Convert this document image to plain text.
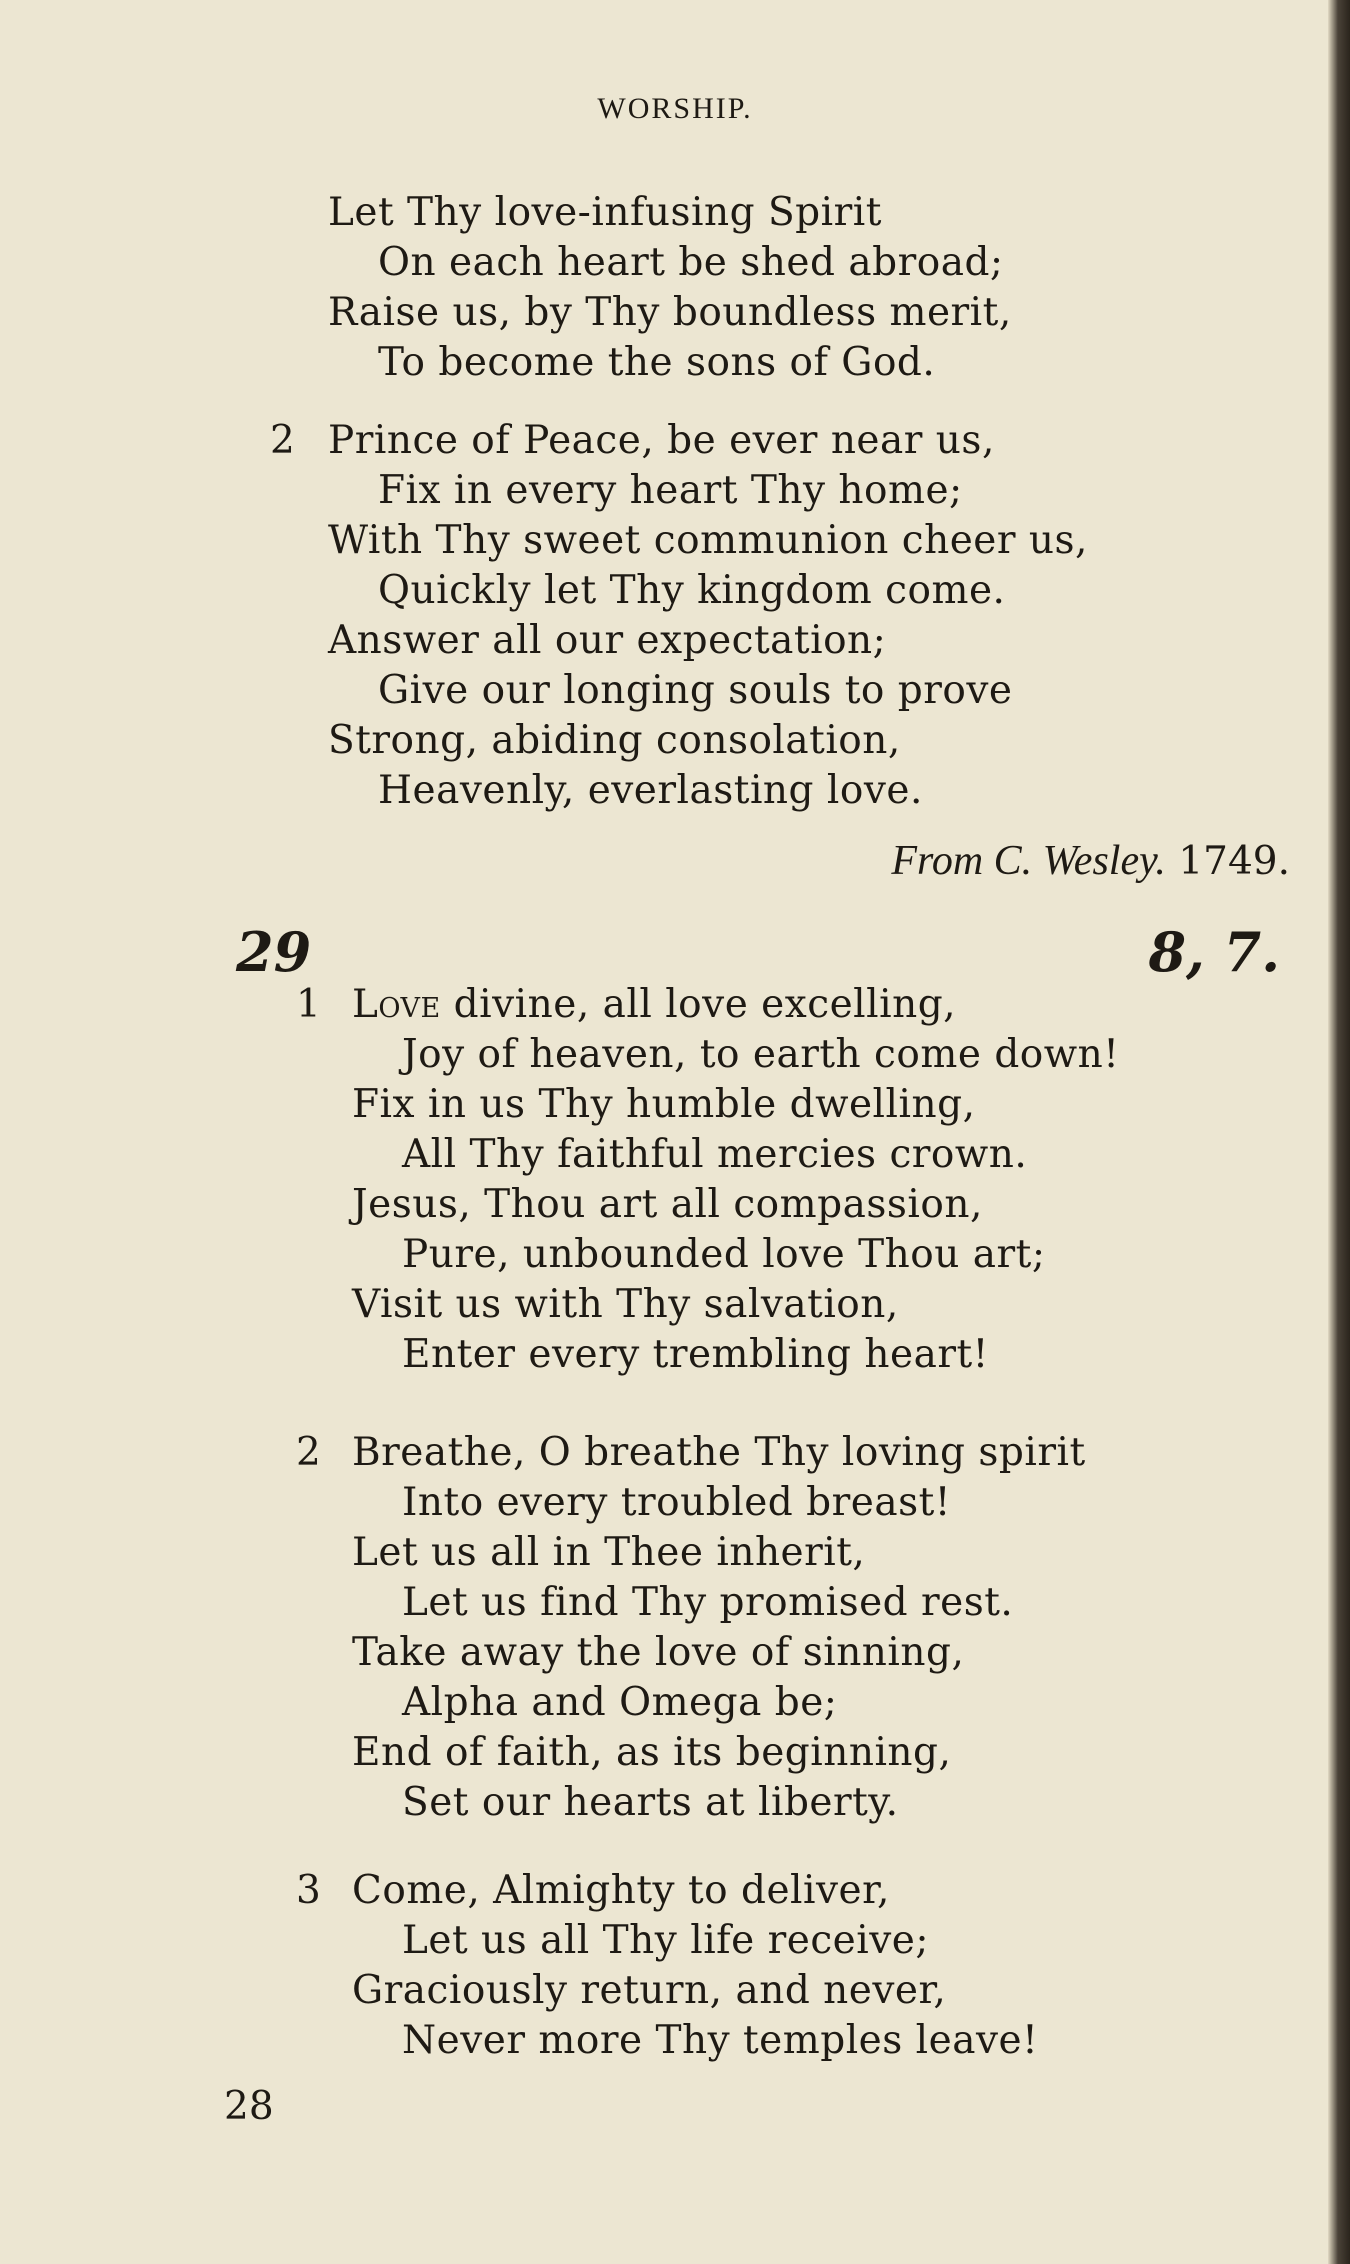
WORSHIP.
Let Thy love-infusing Spirit
On each heart be shed abroad;
Raise us, by Thy boundless merit,
To become the sons of God.
2 Prince of Peace, be ever near us,
Fix in every heart Thy home;
With Thy sweet communion cheer us,
Quickly let Thy kingdom come.
Answer all our expectation;
Give our longing souls to prove
Strong, abiding consolation,
Heavenly, everlasting love.
From C. Wesley. 1749.
29	8, 7.
1 Love divine, all love excelling,
Joy of heaven, to earth come down!
Fix in us Thy humble dwelling,
All Thy faithful mercies crown.
Jesus, Thou art all compassion,
Pure, unbounded love Thou art;
Visit us with Thy salvation,
Enter every trembling heart!
2 Breathe, O breathe Thy loving spirit
Into every troubled breast!
Let us all in Thee inherit,
Let us find Thy promised rest.
Take away the love of sinning,
Alpha and Omega be;
End of faith, as its beginning,
Set our hearts at liberty.
3 Come, Almighty to deliver,
Let us all Thy life receive;
Graciously return, and never,
Never more Thy temples leave!
28
